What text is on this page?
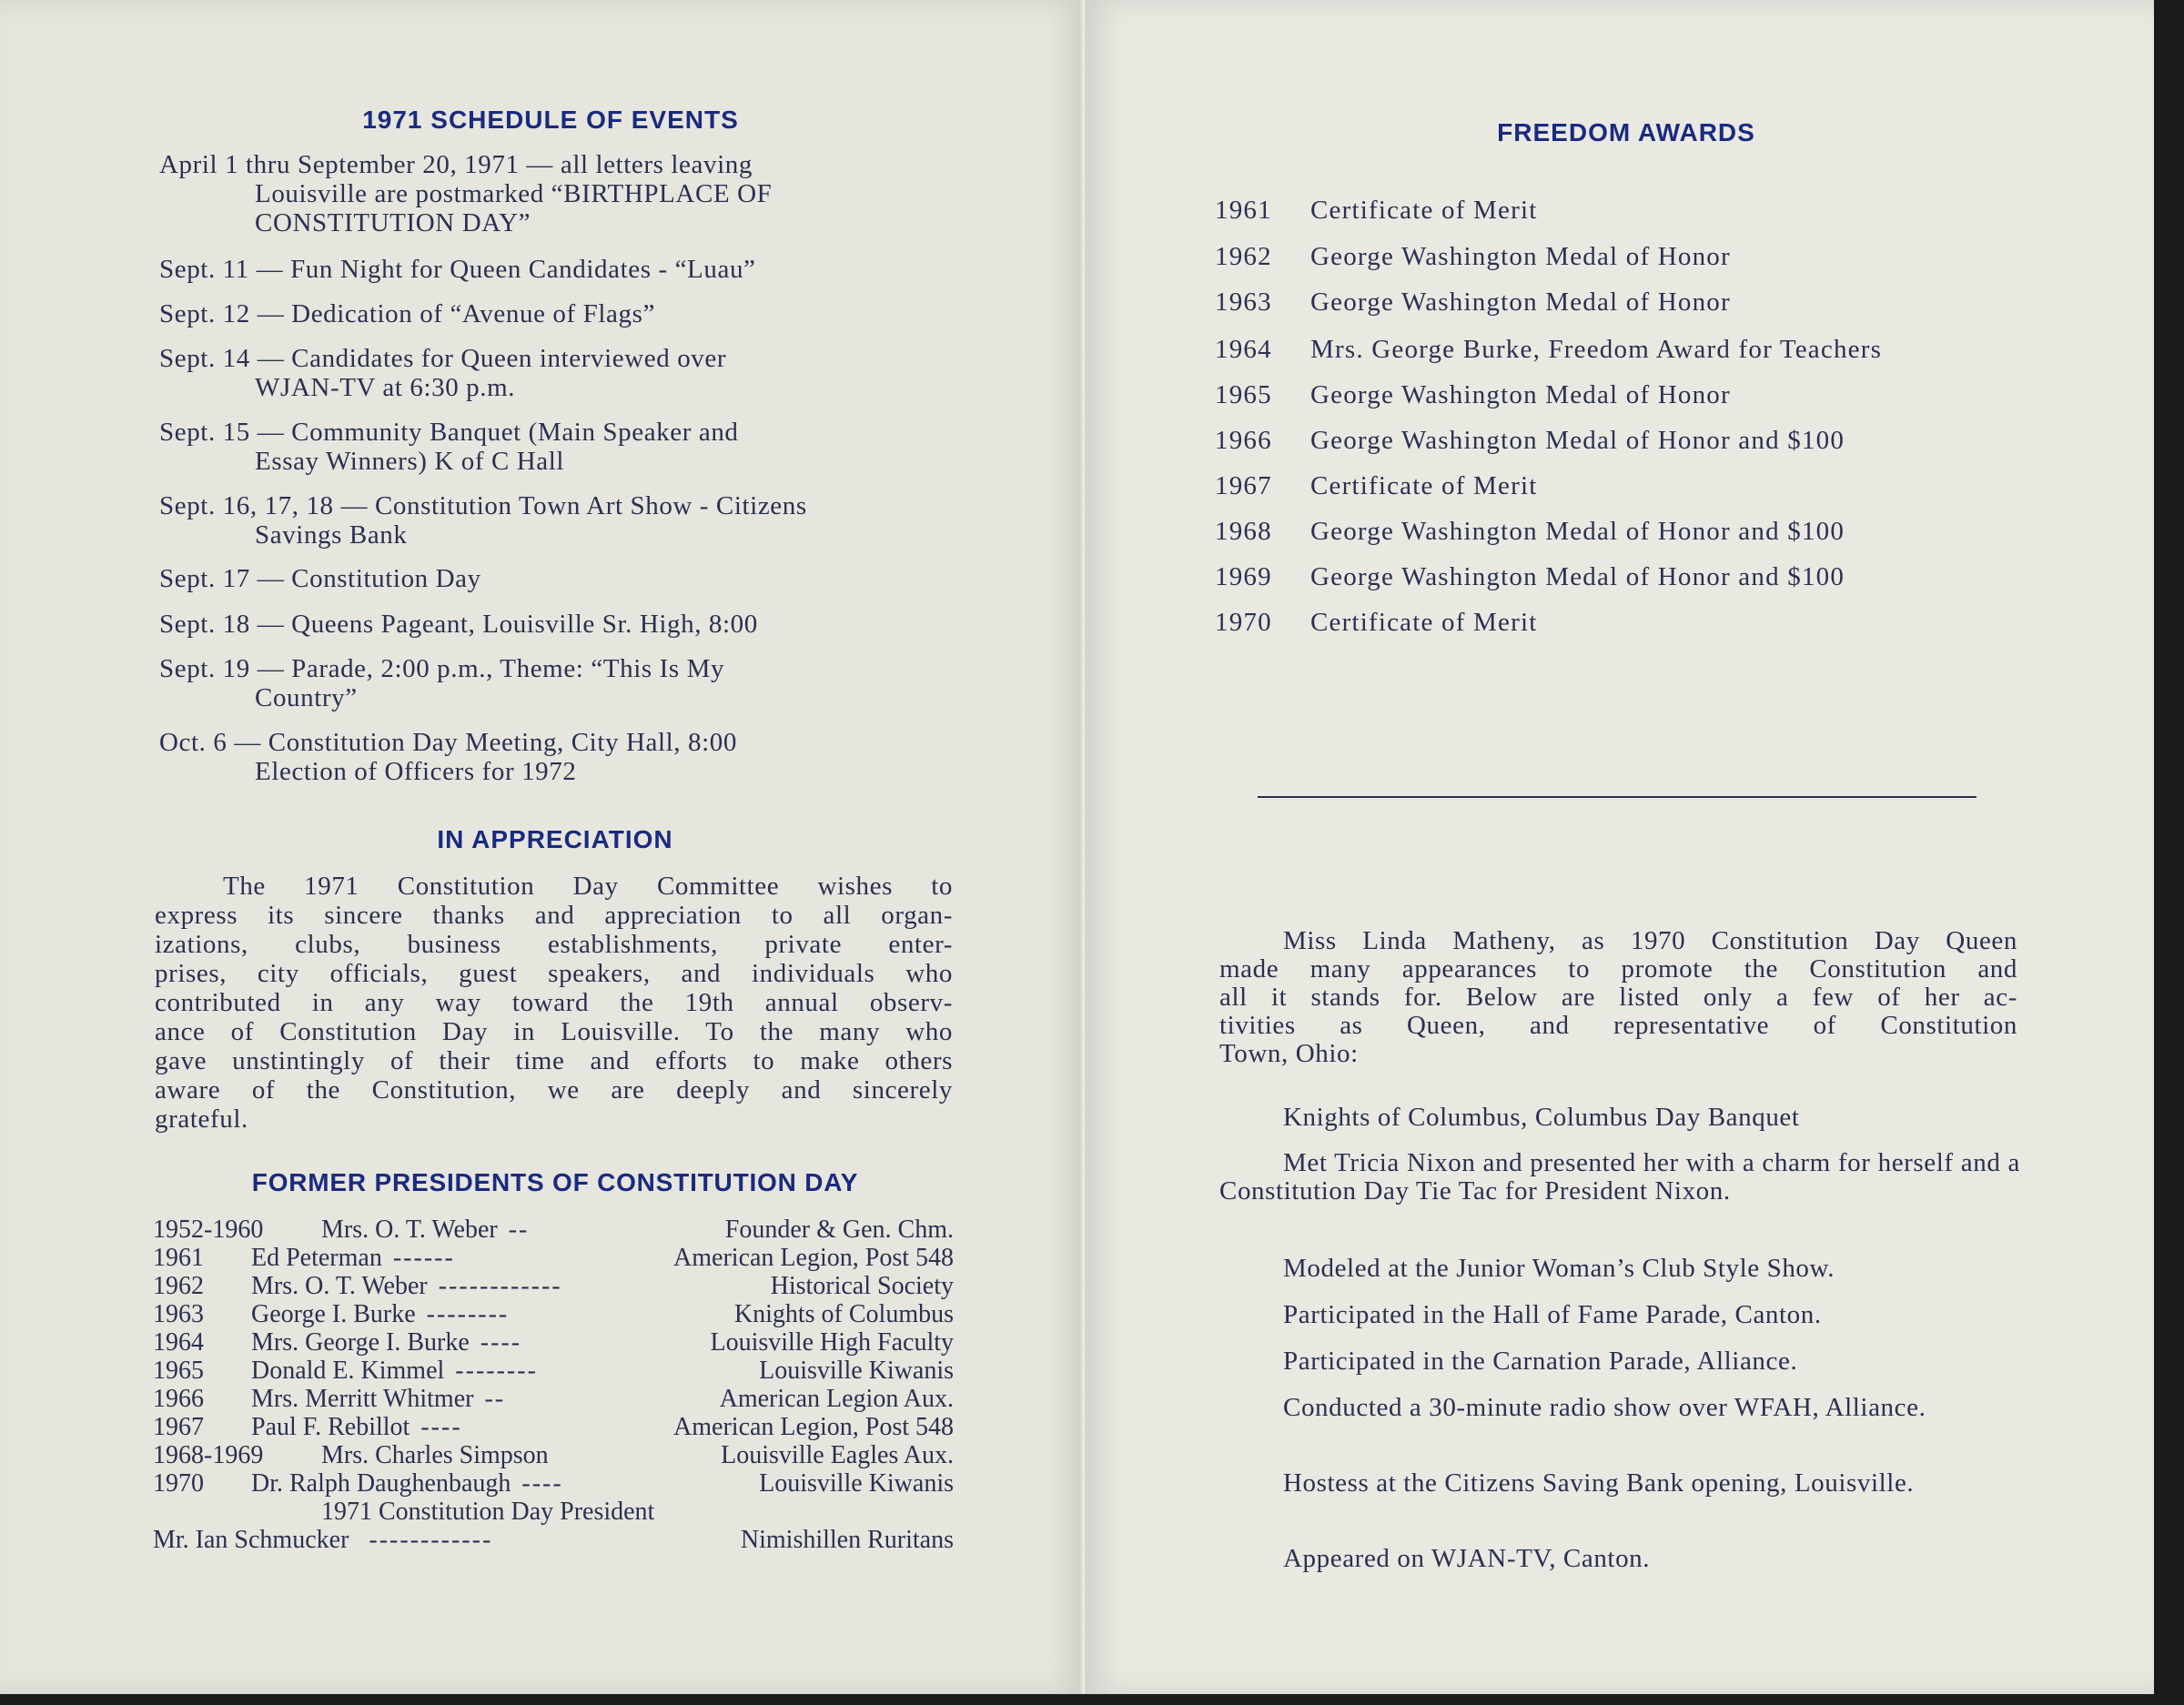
1971 SCHEDULE OF EVENTS
April 1 thru September 20, 1971 — all letters leaving
Louisville are postmarked “BIRTHPLACE OF
CONSTITUTION DAY”
Sept. 11 — Fun Night for Queen Candidates - “Luau”
Sept. 12 — Dedication of “Avenue of Flags”
Sept. 14 — Candidates for Queen interviewed over
WJAN-TV at 6:30 p.m.
Sept. 15 — Community Banquet (Main Speaker and
Essay Winners) K of C Hall
Sept. 16, 17, 18 — Constitution Town Art Show - Citizens
Savings Bank
Sept. 17 — Constitution Day
Sept. 18 — Queens Pageant, Louisville Sr. High, 8:00
Sept. 19 — Parade, 2:00 p.m., Theme: “This Is My
Country”
Oct. 6 — Constitution Day Meeting, City Hall, 8:00
Election of Officers for 1972
IN APPRECIATION
The 1971 Constitution Day Committee wishes to
express its sincere thanks and appreciation to all organ-
izations, clubs, business establishments, private enter-
prises, city officials, guest speakers, and individuals who
contributed in any way toward the 19th annual observ-
ance of Constitution Day in Louisville. To the many who
gave unstintingly of their time and efforts to make others
aware of the Constitution, we are deeply and sincerely
grateful.
FORMER PRESIDENTS OF CONSTITUTION DAY
1952-1960	Mrs. O. T. Weber --	Founder & Gen. Chm.
1961	Ed Peterman ------	American Legion, Post 548
1962	Mrs. O. T. Weber ------------	Historical Society
1963	George I. Burke --------	Knights of Columbus
1964	Mrs. George I. Burke ----	Louisville High Faculty
1965	Donald E. Kimmel --------	Louisville Kiwanis
1966	Mrs. Merritt Whitmer --	American Legion Aux.
1967	Paul F. Rebillot ----	American Legion, Post 548
1968-1969	Mrs. Charles Simpson	Louisville Eagles Aux.
1970	Dr. Ralph Daughenbaugh ----	Louisville Kiwanis
1971 Constitution Day President
Mr. Ian Schmucker ------------	Nimishillen Ruritans
FREEDOM AWARDS
1961 Certificate of Merit
1962 George Washington Medal of Honor
1963 George Washington Medal of Honor
1964 Mrs. George Burke, Freedom Award for Teachers
1965 George Washington Medal of Honor
1966 George Washington Medal of Honor and $100
1967 Certificate of Merit
1968 George Washington Medal of Honor and $100
1969 George Washington Medal of Honor and $100
1970 Certificate of Merit
Miss Linda Matheny, as 1970 Constitution Day Queen
made many appearances to promote the Constitution and
all it stands for. Below are listed only a few of her ac-
tivities as Queen, and representative of Constitution
Town, Ohio:
Knights of Columbus, Columbus Day Banquet
Met Tricia Nixon and presented her with a charm for herself and a Constitution Day Tie Tac for President Nixon.
Modeled at the Junior Woman’s Club Style Show.
Participated in the Hall of Fame Parade, Canton.
Participated in the Carnation Parade, Alliance.
Conducted a 30-minute radio show over WFAH, Alliance.
Hostess at the Citizens Saving Bank opening, Louisville.
Appeared on WJAN-TV, Canton.
